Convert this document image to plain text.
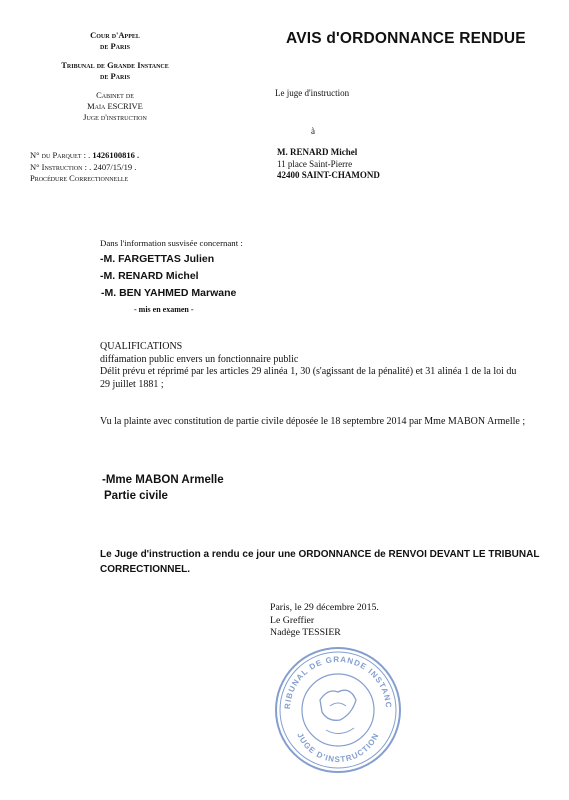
Cour d'Appel
de Paris
Tribunal de Grande Instance
de Paris
Cabinet de
Maïa ESCRIVE
Juge d'instruction
AVIS d'ORDONNANCE RENDUE
Le juge d'instruction
à
M. RENARD Michel
11 place Saint-Pierre
42400 SAINT-CHAMOND
N° du Parquet : . 1426100816 .
N° Instruction : . 2407/15/19 .
Procédure Correctionnelle
Dans l'information susvisée concernant :
-M. FARGETTAS Julien
-M. RENARD Michel
-M. BEN YAHMED Marwane
- mis en examen -
QUALIFICATIONS
diffamation public envers un fonctionnaire public
Délit prévu et réprimé par les articles 29 alinéa 1, 30 (s'agissant de la pénalité) et 31 alinéa 1 de la loi du 29 juillet 1881 ;
Vu la plainte avec constitution de partie civile déposée le 18 septembre 2014 par Mme MABON Armelle ;
-Mme MABON Armelle
Partie civile
Le Juge d'instruction a rendu ce jour une ORDONNANCE de RENVOI DEVANT LE TRIBUNAL CORRECTIONNEL.
Paris, le 29 décembre 2015.
Le Greffier
Nadège TESSIER
RIBUNAL DE GRANDE INSTANC
JUGE D'INSTRUCTION
